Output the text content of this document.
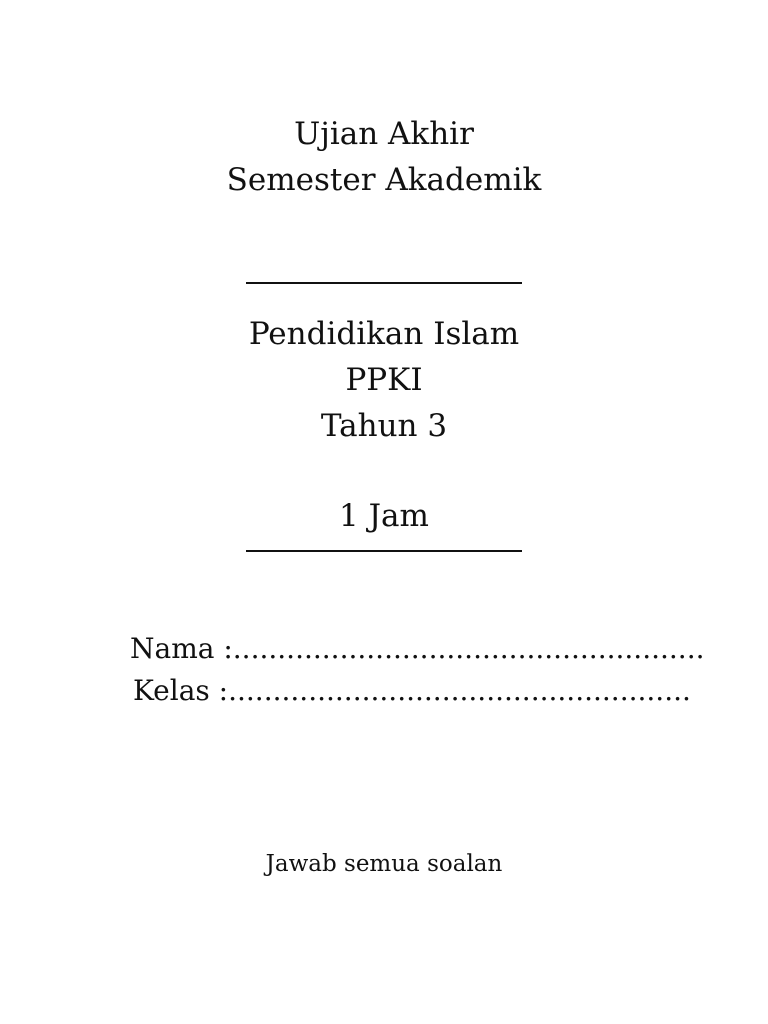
Ujian Akhir
Semester Akademik
Pendidikan Islam
PPKI
Tahun 3
1 Jam
Nama :.....................................................
Kelas :....................................................
Jawab semua soalan
